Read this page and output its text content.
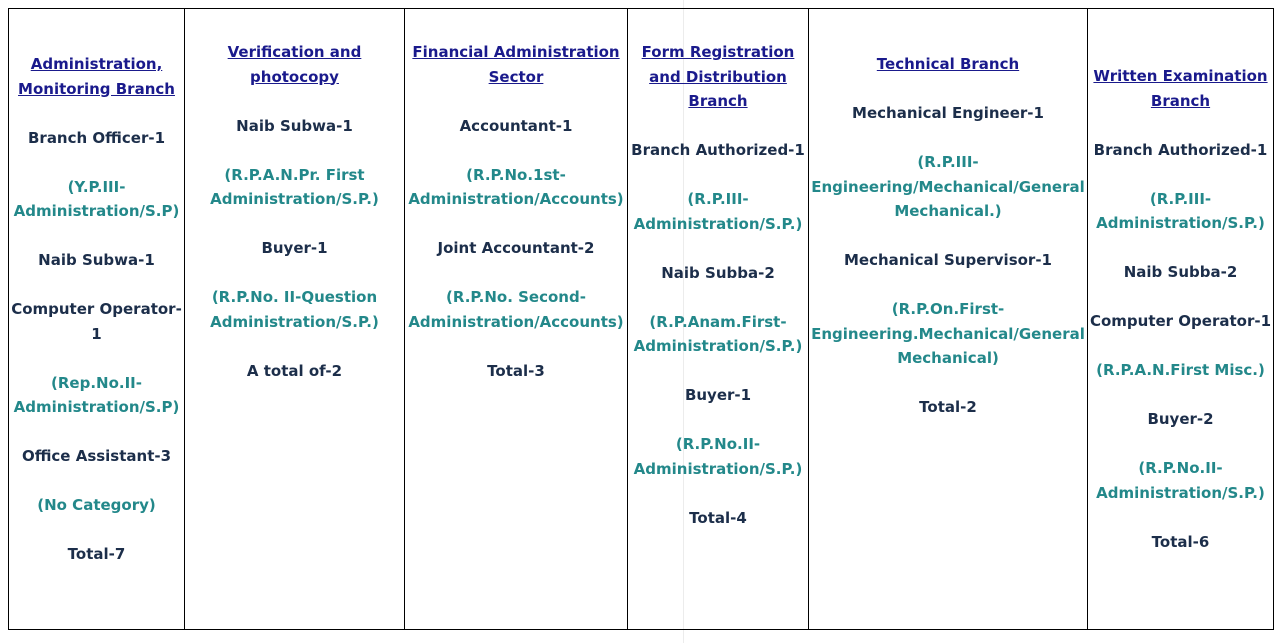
Administration,
Monitoring Branch
Branch Officer-1
(Y.P.III-Administration/S.P)
Naib Subwa-1
Computer Operator-1
(Rep.No.II-Administration/S.P)
Office Assistant-3
(No Category)
Total-7

Verification and
photocopy
Naib Subwa-1
(R.P.A.N.Pr. First Administration/S.P.)
Buyer-1
(R.P.No. II-Question Administration/S.P.)
A total of-2

Financial Administration
Sector
Accountant-1
(R.P.No.1st-Administration/Accounts)
Joint Accountant-2
(R.P.No. Second-Administration/Accounts)
Total-3

Form Registration
and Distribution
Branch
Branch Authorized-1
(R.P.III-Administration/S.P.)
Naib Subba-2
(R.P.Anam.First-Administration/S.P.)
Buyer-1
(R.P.No.II-Administration/S.P.)
Total-4

Technical Branch
Mechanical Engineer-1
(R.P.III-Engineering/Mechanical/General Mechanical.)
Mechanical Supervisor-1
(R.P.On.First-Engineering.Mechanical/General Mechanical)
Total-2

Written Examination
Branch
Branch Authorized-1
(R.P.III-Administration/S.P.)
Naib Subba-2
Computer Operator-1
(R.P.A.N.First Misc.)
Buyer-2
(R.P.No.II-Administration/S.P.)
Total-6
